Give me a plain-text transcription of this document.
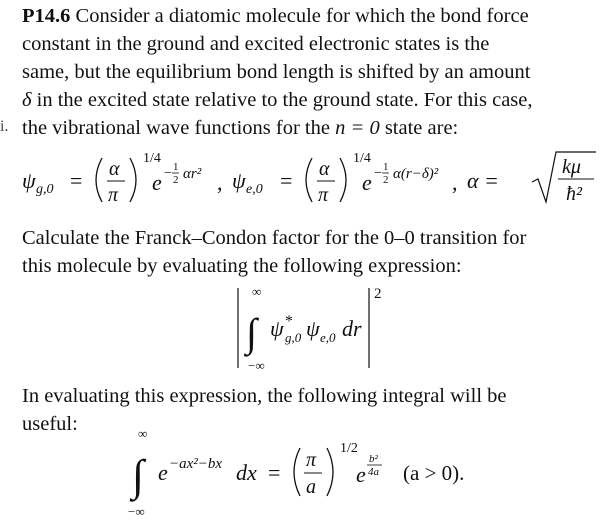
i.
P14.6 Consider a diatomic molecule for which the bond force
constant in the ground and excited electronic states is the
same, but the equilibrium bond length is shifted by an amount
δ in the excited state relative to the ground state. For this case,
the vibrational wave functions for the n = 0 state are:
ψ g,0 = α
π
1/4
e − 1
2 αr² , ψ e,0 = α
π
1/4
e − 1
2 α(r−δ)² , α =
kμ
ħ²
Calculate the Franck–Condon factor for the 0–0 transition for
this molecule by evaluating the following expression:
∞
∫
−∞
ψ *
g,0 ψ e,0 dr
2
In evaluating this expression, the following integral will be
useful:	∞
∫
−∞
e −ax²−bx dx = π
a
1/2
e
b²
4a (a > 0).
